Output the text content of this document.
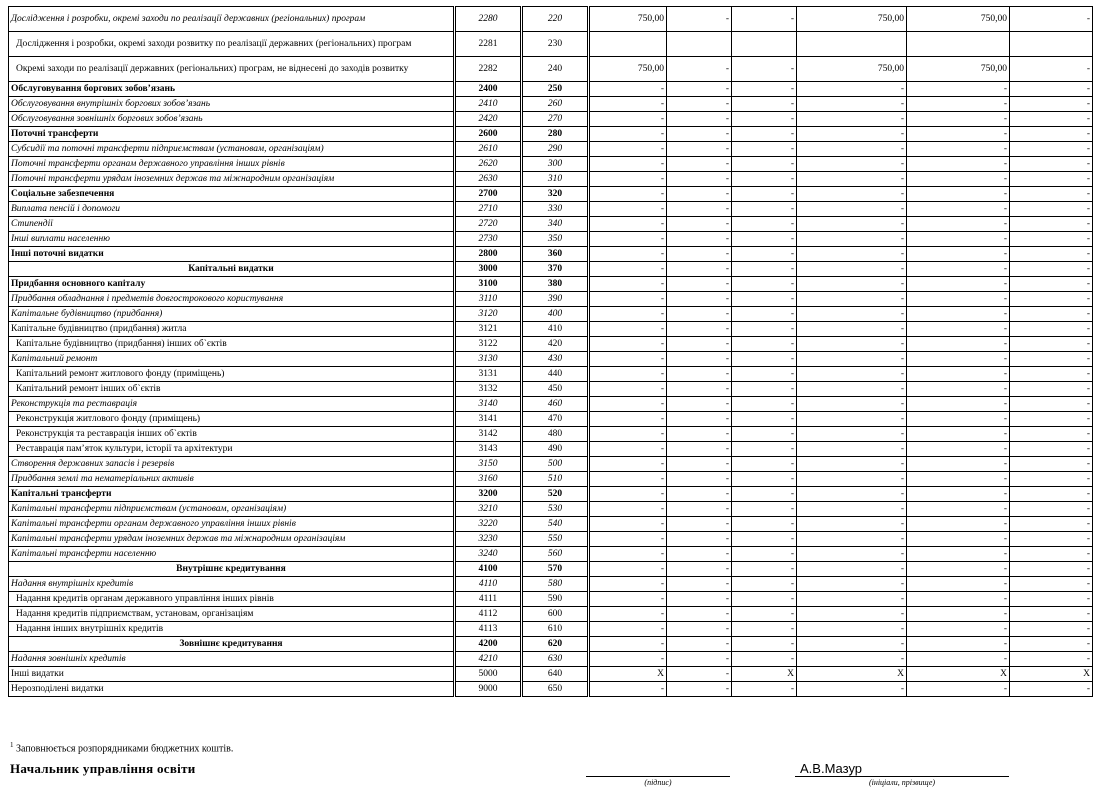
Дослідження і розробки, окремі заходи по реалізації державних (регіональних) програм	2280	220	750,00	-	-	750,00	750,00	-
Дослідження і розробки, окремі заходи розвитку по реалізації державних (регіональних) програм	2281	230						
Окремі заходи по реалізації державних (регіональних) програм, не віднесені до заходів розвитку	2282	240	750,00	-	-	750,00	750,00	-
Обслуговування боргових зобов’язань	2400	250	-	-	-	-	-	-
Обслуговування внутрішніх боргових зобов’язань	2410	260	-	-	-	-	-	-
Обслуговування зовнішніх боргових зобов’язань	2420	270	-	-	-	-	-	-
Поточні трансферти	2600	280	-	-	-	-	-	-
Субсидії та поточні трансферти підприємствам (установам, організаціям)	2610	290	-	-	-	-	-	-
Поточні трансферти органам державного управління інших рівнів	2620	300	-	-	-	-	-	-
Поточні трансферти урядам іноземних держав та міжнародним організаціям	2630	310	-	-	-	-	-	-
Соціальне забезпечення	2700	320	-	-	-	-	-	-
Виплата пенсій і допомоги	2710	330	-	-	-	-	-	-
Стипендії	2720	340	-	-	-	-	-	-
Інші виплати населенню	2730	350	-	-	-	-	-	-
Інші поточні видатки	2800	360	-	-	-	-	-	-
Капітальні видатки	3000	370	-	-	-	-	-	-
Придбання основного капіталу	3100	380	-	-	-	-	-	-
Придбання обладнання і предметів довгострокового користування	3110	390	-	-	-	-	-	-
Капітальне будівництво (придбання)	3120	400	-	-	-	-	-	-
Капітальне будівництво (придбання) житла	3121	410	-	-	-	-	-	-
Капітальне будівництво (придбання) інших об`єктів	3122	420	-	-	-	-	-	-
Капітальний ремонт	3130	430	-	-	-	-	-	-
Капітальний ремонт житлового фонду (приміщень)	3131	440	-	-	-	-	-	-
Капітальний ремонт інших об`єктів	3132	450	-	-	-	-	-	-
Реконструкція та реставрація	3140	460	-	-	-	-	-	-
Реконструкція житлового фонду (приміщень)	3141	470	-	-	-	-	-	-
Реконструкція та реставрація інших об`єктів	3142	480	-	-	-	-	-	-
Реставрація пам’яток культури, історії та архітектури	3143	490	-	-	-	-	-	-
Створення державних запасів і резервів	3150	500	-	-	-	-	-	-
Придбання землі та нематеріальних активів	3160	510	-	-	-	-	-	-
Капітальні трансферти	3200	520	-	-	-	-	-	-
Капітальні трансферти підприємствам (установам, організаціям)	3210	530	-	-	-	-	-	-
Капітальні трансферти органам державного управління інших рівнів	3220	540	-	-	-	-	-	-
Капітальні трансферти урядам іноземних держав та міжнародним організаціям	3230	550	-	-	-	-	-	-
Капітальні трансферти населенню	3240	560	-	-	-	-	-	-
Внутрішнє кредитування	4100	570	-	-	-	-	-	-
Надання внутрішніх кредитів	4110	580	-	-	-	-	-	-
Надання кредитів органам державного управління інших рівнів	4111	590	-	-	-	-	-	-
Надання кредитів підприємствам, установам, організаціям	4112	600	-	-	-	-	-	-
Надання інших внутрішніх кредитів	4113	610	-	-	-	-	-	-
Зовнішнє кредитування	4200	620	-	-	-	-	-	-
Надання зовнішніх кредитів	4210	630	-	-	-	-	-	-
Інші видатки	5000	640	X	-	X	X	X	X
Нерозподілені видатки	9000	650	-	-	-	-	-	-
$^1$ Заповнюється розпорядниками бюджетних коштів.
Начальник управління освіти
(підпис)
А.В.Мазур
(ініціали, прізвище)
